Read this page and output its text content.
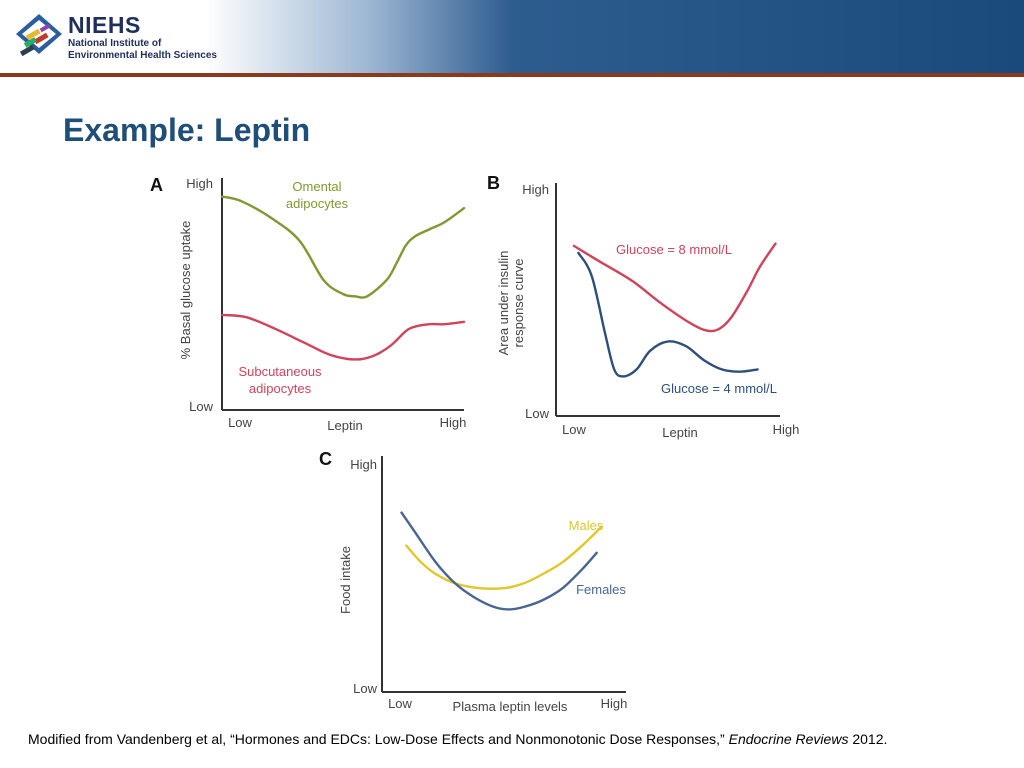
NIEHS
National Institute of
Environmental Health Sciences
Example: Leptin
A
Low
High
Low	High
Leptin
% Basal glucose uptake
Omental adipocytes
Subcutaneous adipocytes
B
Low
High
Low	High
Leptin
Area under insulinresponse curve
Glucose = 8 mmol/L
Glucose = 4 mmol/L
C
Low
High
Low	High
Plasma leptin levels
Food intake
Males
Females
Modified from Vandenberg et al, “Hormones and EDCs: Low-Dose Effects and Nonmonotonic Dose Responses,” Endocrine Reviews 2012.
